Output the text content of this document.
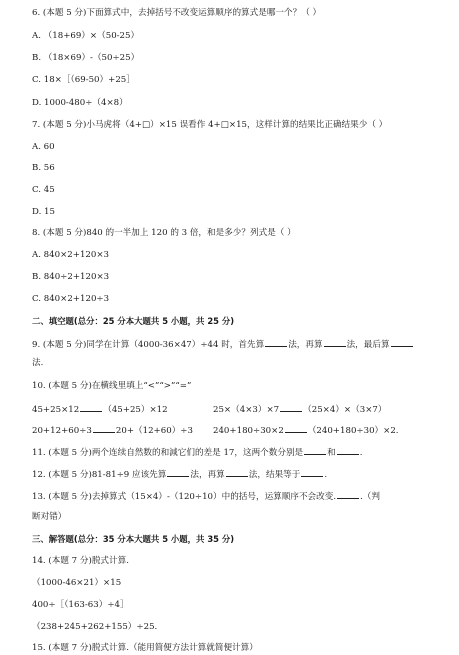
6. (本题 5 分)下面算式中，去掉括号不改变运算顺序的算式是哪一个？（ ）
A. （18+69）×（50-25）
B. （18×69）-（50÷25）
C. 18×［（69-50）+25］
D. 1000-480÷（4×8）
7. (本题 5 分)小马虎将（4+□）×15 误看作 4+□×15，这样计算的结果比正确结果少（ ）
A. 60
B. 56
C. 45
D. 15
8. (本题 5 分)840 的一半加上 120 的 3 倍，和是多少？列式是（ ）
A. 840×2+120×3
B. 840÷2+120×3
C. 840×2+120÷3
二、填空题(总分：25 分本大题共 5 小题，共 25 分)
9. (本题 5 分)同学在计算（4000-36×47）÷44 时，首先算	法，再算	法，最后算
法.
10. (本题 5 分)在横线里填上“<”“>”“=”
45+25×12	（45+25）×12	25×（4×3）×7	（25×4）×（3×7）
20+12+60÷3	20+（12+60）÷3 240+180÷30×2	（240+180÷30）×2.
11. (本题 5 分)两个连续自然数的和減它们的差是 17，这两个数分别是	和	.
12. (本题 5 分)81-81÷9 应该先算	法，再算	法，结果等于	.
13. (本题 5 分)去掉算式（15×4）-（120÷10）中的括号，运算顺序不会改变.	.（判
断对错）
三、解答题(总分：35 分本大题共 5 小题，共 35 分)
14. (本题 7 分)脱式计算.
（1000-46×21）×15
400÷［（163-63）÷4］
（238+245+262+155）÷25.
15. (本题 7 分)脱式计算.（能用简便方法计算就简便计算）
